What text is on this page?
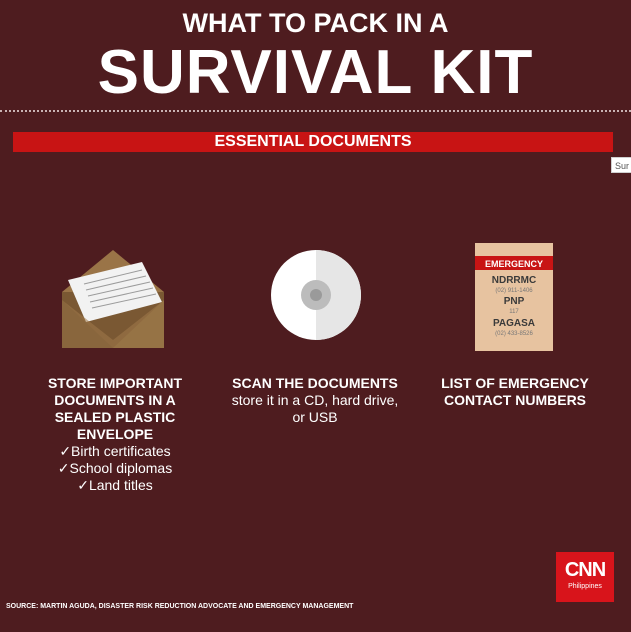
WHAT TO PACK IN A
SURVIVAL KIT
ESSENTIAL DOCUMENTS
Sur
EMERGENCY
NDRRMC
(02) 911-1406
PNP
117
PAGASA
(02) 433-8526
STORE IMPORTANT
DOCUMENTS IN A
SEALED PLASTIC
ENVELOPE
✓Birth certificates
✓School diplomas
✓Land titles
SCAN THE DOCUMENTS
store it in a CD, hard drive,
or USB
LIST OF EMERGENCY
CONTACT NUMBERS
SOURCE: MARTIN AGUDA, DISASTER RISK REDUCTION ADVOCATE AND EMERGENCY MANAGEMENT
CNN
Philippines
